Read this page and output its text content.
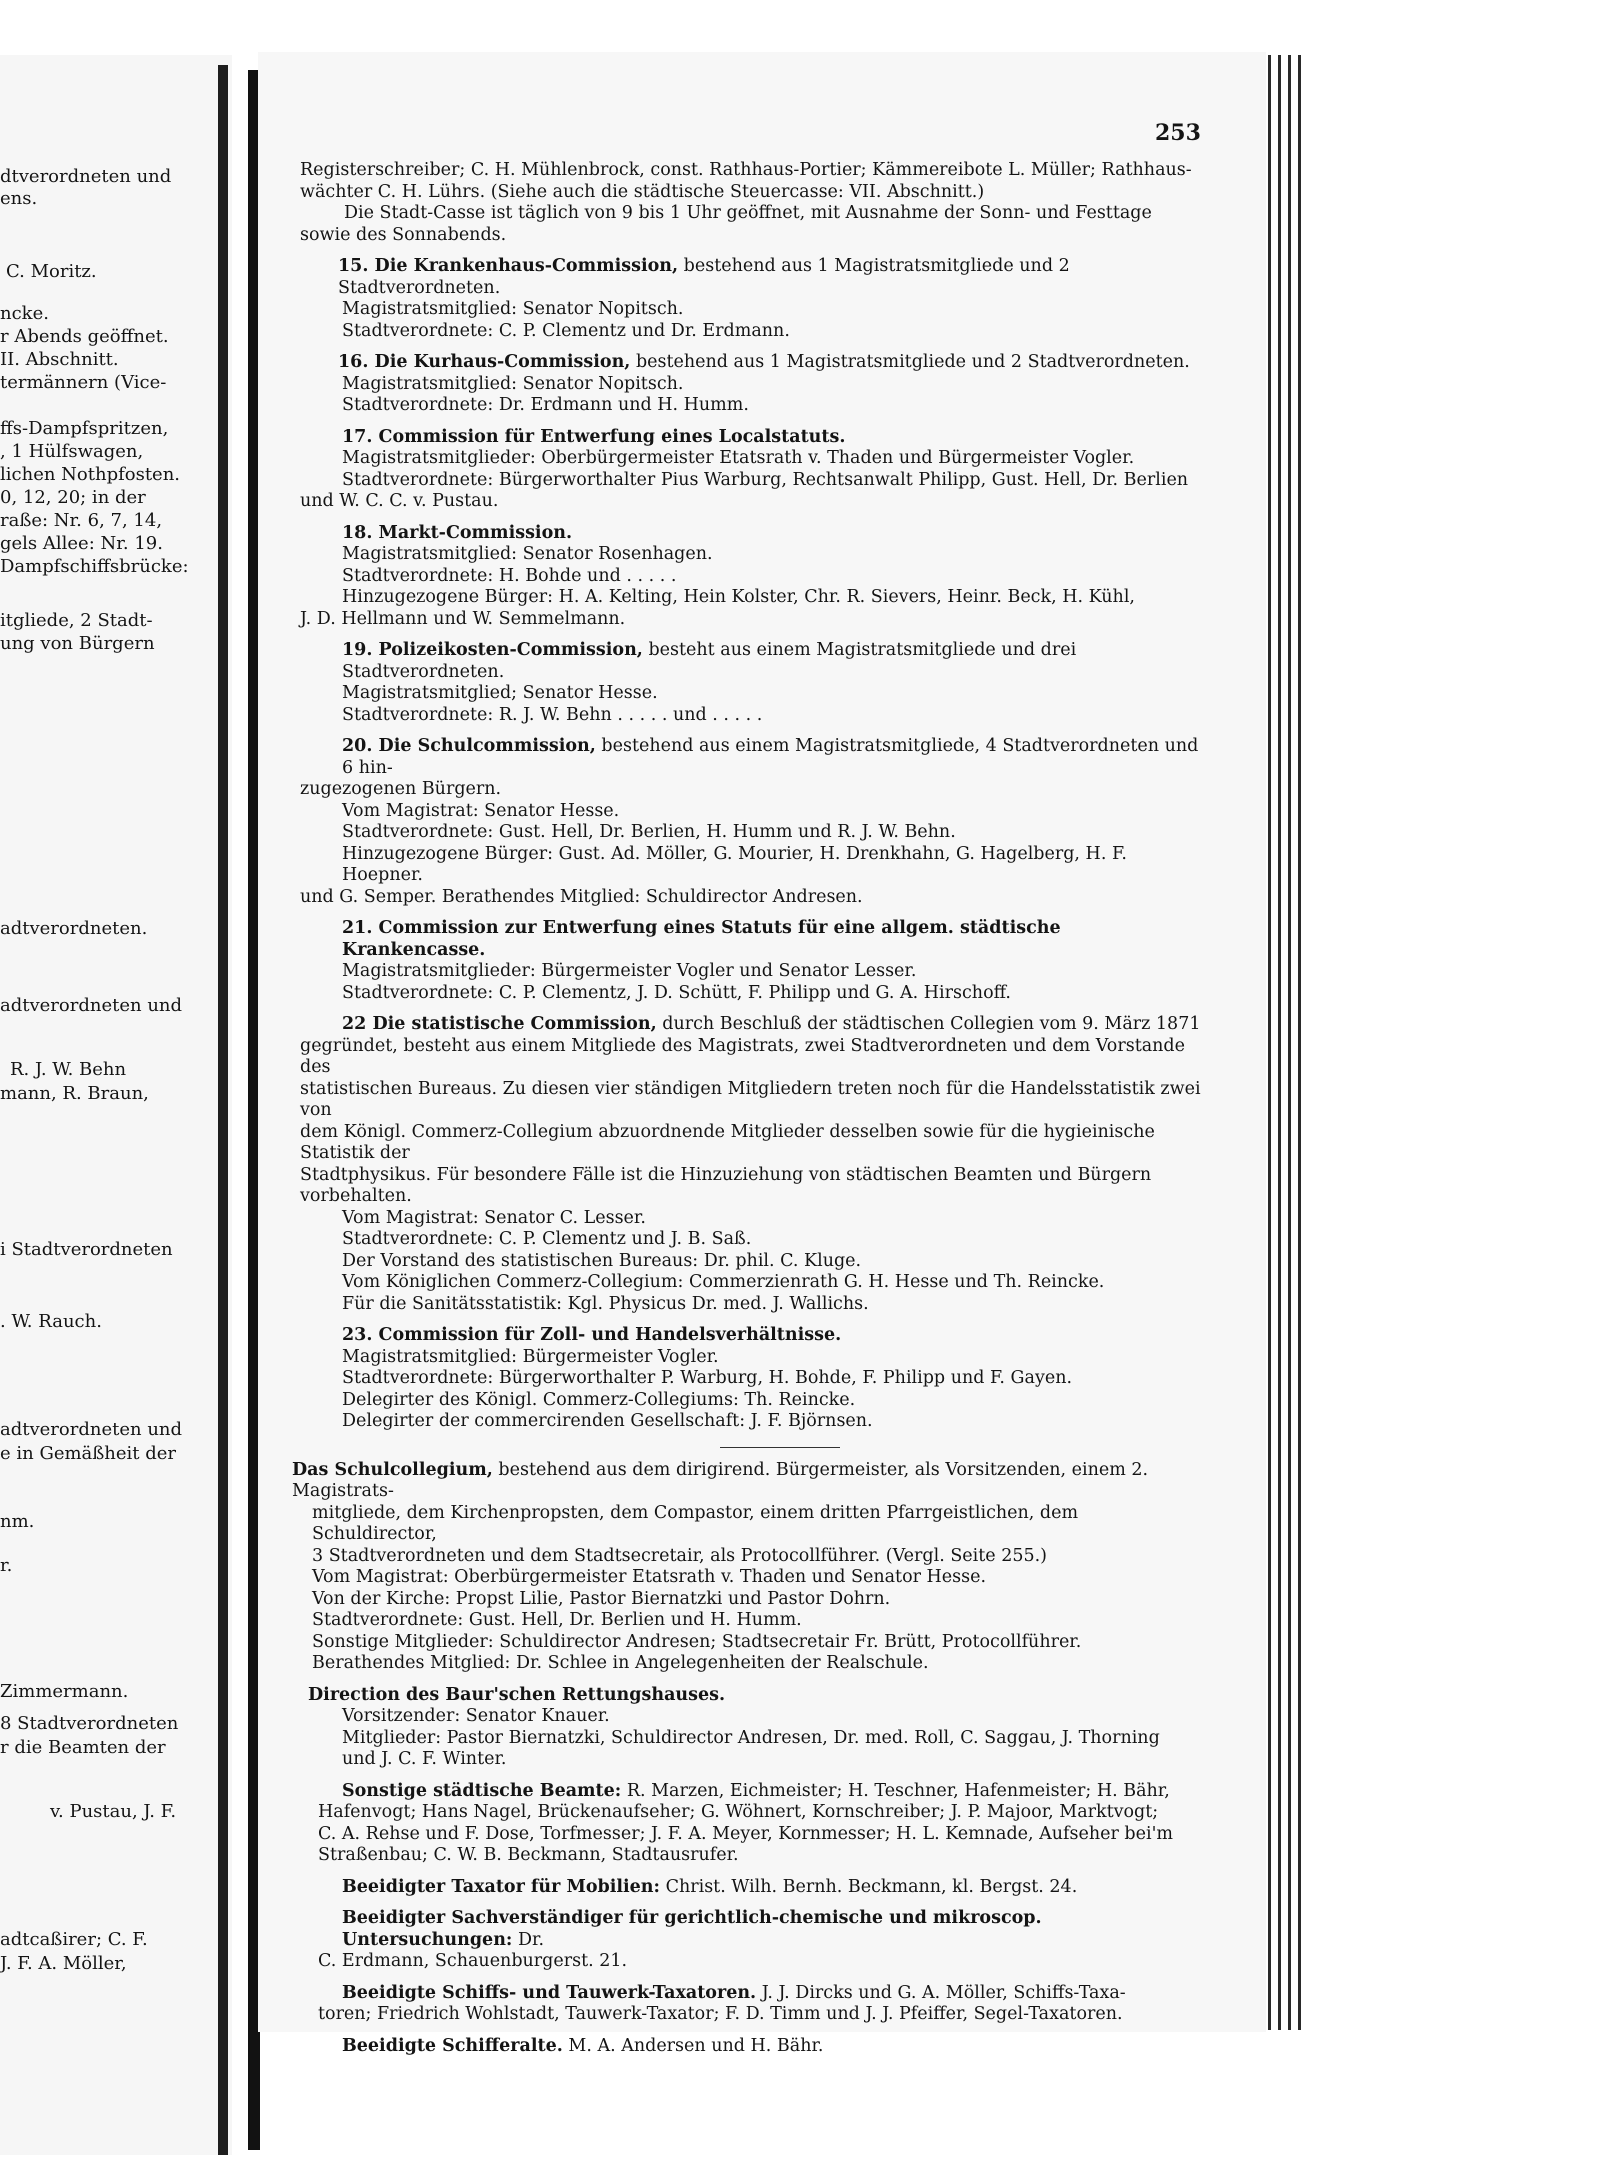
dtverordneten und
ens.
C. Moritz.
ncke.
r Abends geöffnet.
II. Abschnitt.
termännern (Vice-
ffs-Dampfspritzen,
, 1 Hülfswagen,
lichen Nothpfosten.
0, 12, 20; in der
raße: Nr. 6, 7, 14,
gels Allee: Nr. 19.
Dampfschiffsbrücke:
itgliede, 2 Stadt-
ung von Bürgern
adtverordneten.
adtverordneten und
R. J. W. Behn
mann, R. Braun,
i Stadtverordneten
. W. Rauch.
adtverordneten und
e in Gemäßheit der
nm.
r.
Zimmermann.
8 Stadtverordneten
r die Beamten der
v. Pustau, J. F.
adtcaßirer; C. F.
J. F. A. Möller,
253

Registerschreiber; C. H. Mühlenbrock, const. Rathhaus-Portier; Kämmereibote L. Müller; Rathhaus-

wächter C. H. Lührs. (Siehe auch die städtische Steuercasse: VII. Abschnitt.)

Die Stadt-Casse ist täglich von 9 bis 1 Uhr geöffnet, mit Ausnahme der Sonn- und Festtage

sowie des Sonnabends.

15. Die Krankenhaus-Commission, bestehend aus 1 Magistratsmitgliede und 2 Stadtverordneten.

Magistratsmitglied: Senator Nopitsch.

Stadtverordnete: C. P. Clementz und Dr. Erdmann.

16. Die Kurhaus-Commission, bestehend aus 1 Magistratsmitgliede und 2 Stadtverordneten.

Magistratsmitglied: Senator Nopitsch.

Stadtverordnete: Dr. Erdmann und H. Humm.

17. Commission für Entwerfung eines Localstatuts.

Magistratsmitglieder: Oberbürgermeister Etatsrath v. Thaden und Bürgermeister Vogler.

Stadtverordnete: Bürgerworthalter Pius Warburg, Rechtsanwalt Philipp, Gust. Hell, Dr. Berlien

und W. C. C. v. Pustau.

18. Markt-Commission.

Magistratsmitglied: Senator Rosenhagen.

Stadtverordnete: H. Bohde und . . . . .

Hinzugezogene Bürger: H. A. Kelting, Hein Kolster, Chr. R. Sievers, Heinr. Beck, H. Kühl,

J. D. Hellmann und W. Semmelmann.

19. Polizeikosten-Commission, besteht aus einem Magistratsmitgliede und drei Stadtverordneten.

Magistratsmitglied; Senator Hesse.

Stadtverordnete: R. J. W. Behn . . . . . und . . . . .

20. Die Schulcommission, bestehend aus einem Magistratsmitgliede, 4 Stadtverordneten und 6 hin-

zugezogenen Bürgern.

Vom Magistrat: Senator Hesse.

Stadtverordnete: Gust. Hell, Dr. Berlien, H. Humm und R. J. W. Behn.

Hinzugezogene Bürger: Gust. Ad. Möller, G. Mourier, H. Drenkhahn, G. Hagelberg, H. F. Hoepner.

und G. Semper. Berathendes Mitglied: Schuldirector Andresen.

21. Commission zur Entwerfung eines Statuts für eine allgem. städtische Krankencasse.

Magistratsmitglieder: Bürgermeister Vogler und Senator Lesser.

Stadtverordnete: C. P. Clementz, J. D. Schütt, F. Philipp und G. A. Hirschoff.

22 Die statistische Commission, durch Beschluß der städtischen Collegien vom 9. März 1871

gegründet, besteht aus einem Mitgliede des Magistrats, zwei Stadtverordneten und dem Vorstande des

statistischen Bureaus. Zu diesen vier ständigen Mitgliedern treten noch für die Handelsstatistik zwei von

dem Königl. Commerz-Collegium abzuordnende Mitglieder desselben sowie für die hygieinische Statistik der

Stadtphysikus. Für besondere Fälle ist die Hinzuziehung von städtischen Beamten und Bürgern vorbehalten.

Vom Magistrat: Senator C. Lesser.

Stadtverordnete: C. P. Clementz und J. B. Saß.

Der Vorstand des statistischen Bureaus: Dr. phil. C. Kluge.

Vom Königlichen Commerz-Collegium: Commerzienrath G. H. Hesse und Th. Reincke.

Für die Sanitätsstatistik: Kgl. Physicus Dr. med. J. Wallichs.

23. Commission für Zoll- und Handelsverhältnisse.

Magistratsmitglied: Bürgermeister Vogler.

Stadtverordnete: Bürgerworthalter P. Warburg, H. Bohde, F. Philipp und F. Gayen.

Delegirter des Königl. Commerz-Collegiums: Th. Reincke.

Delegirter der commercirenden Gesellschaft: J. F. Björnsen.

Das Schulcollegium, bestehend aus dem dirigirend. Bürgermeister, als Vorsitzenden, einem 2. Magistrats-

mitgliede, dem Kirchenpropsten, dem Compastor, einem dritten Pfarrgeistlichen, dem Schuldirector,

3 Stadtverordneten und dem Stadtsecretair, als Protocollführer. (Vergl. Seite 255.)

Vom Magistrat: Oberbürgermeister Etatsrath v. Thaden und Senator Hesse.

Von der Kirche: Propst Lilie, Pastor Biernatzki und Pastor Dohrn.

Stadtverordnete: Gust. Hell, Dr. Berlien und H. Humm.

Sonstige Mitglieder: Schuldirector Andresen; Stadtsecretair Fr. Brütt, Protocollführer.

Berathendes Mitglied: Dr. Schlee in Angelegenheiten der Realschule.

Direction des Baur'schen Rettungshauses.

Vorsitzender: Senator Knauer.

Mitglieder: Pastor Biernatzki, Schuldirector Andresen, Dr. med. Roll, C. Saggau, J. Thorning

und J. C. F. Winter.

Sonstige städtische Beamte: R. Marzen, Eichmeister; H. Teschner, Hafenmeister; H. Bähr,

Hafenvogt; Hans Nagel, Brückenaufseher; G. Wöhnert, Kornschreiber; J. P. Majoor, Marktvogt;

C. A. Rehse und F. Dose, Torfmesser; J. F. A. Meyer, Kornmesser; H. L. Kemnade, Aufseher bei'm

Straßenbau; C. W. B. Beckmann, Stadtausrufer.

Beeidigter Taxator für Mobilien: Christ. Wilh. Bernh. Beckmann, kl. Bergst. 24.

Beeidigter Sachverständiger für gerichtlich-chemische und mikroscop. Untersuchungen: Dr.

C. Erdmann, Schauenburgerst. 21.

Beeidigte Schiffs- und Tauwerk-Taxatoren. J. J. Dircks und G. A. Möller, Schiffs-Taxa-

toren; Friedrich Wohlstadt, Tauwerk-Taxator; F. D. Timm und J. J. Pfeiffer, Segel-Taxatoren.

Beeidigte Schifferalte. M. A. Andersen und H. Bähr.
